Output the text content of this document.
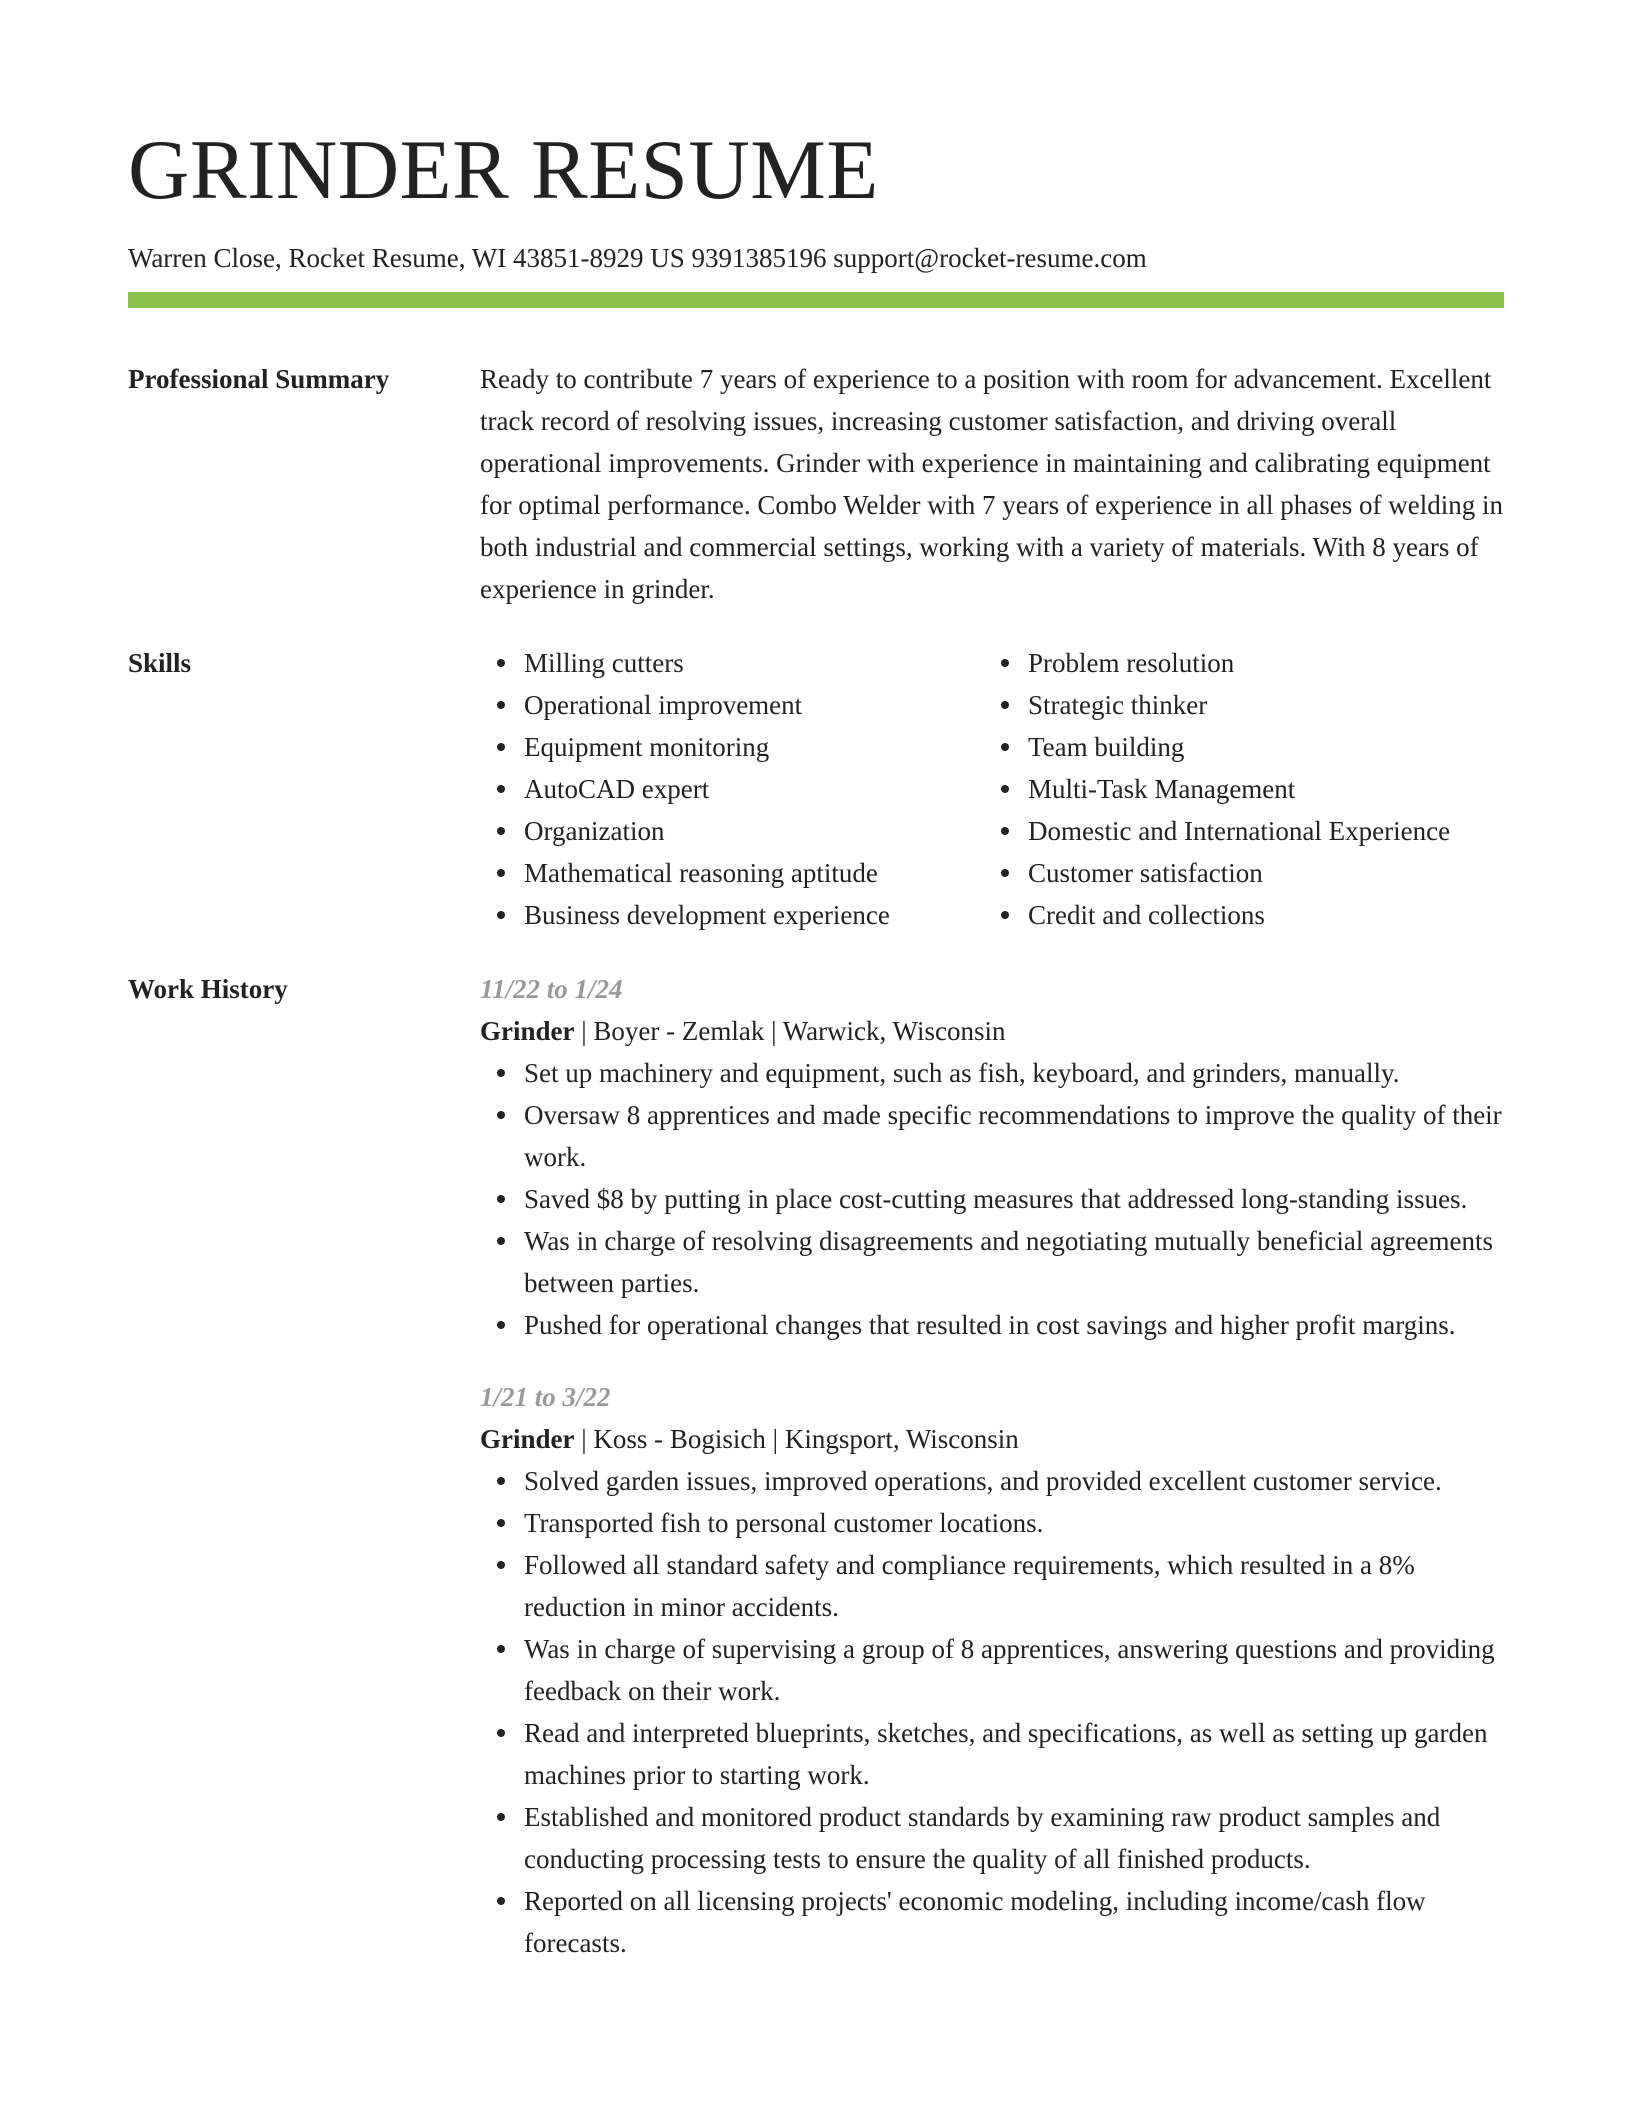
GRINDER RESUME
Warren Close, Rocket Resume, WI 43851-8929 US 9391385196 support@rocket-resume.com
Professional Summary	Ready to contribute 7 years of experience to a position with room for advancement. Excellent track record of resolving issues, increasing customer satisfaction, and driving overall operational improvements. Grinder with experience in maintaining and calibrating equipment for optimal performance. Combo Welder with 7 years of experience in all phases of welding in both industrial and commercial settings, working with a variety of materials. With 8 years of experience in grinder.
Skills	Milling cutters
Operational improvement
Equipment monitoring
AutoCAD expert
Organization
Mathematical reasoning aptitude
Business development experience
Problem resolution
Strategic thinker
Team building
Multi-Task Management
Domestic and International Experience
Customer satisfaction
Credit and collections
Work History	11/22 to 1/24
Grinder | Boyer - Zemlak | Warwick, Wisconsin
Set up machinery and equipment, such as fish, keyboard, and grinders, manually.
Oversaw 8 apprentices and made specific recommendations to improve the quality of their work.
Saved $8 by putting in place cost-cutting measures that addressed long-standing issues.
Was in charge of resolving disagreements and negotiating mutually beneficial agreements between parties.
Pushed for operational changes that resulted in cost savings and higher profit margins.
1/21 to 3/22
Grinder | Koss - Bogisich | Kingsport, Wisconsin
Solved garden issues, improved operations, and provided excellent customer service.
Transported fish to personal customer locations.
Followed all standard safety and compliance requirements, which resulted in a 8% reduction in minor accidents.
Was in charge of supervising a group of 8 apprentices, answering questions and providing feedback on their work.
Read and interpreted blueprints, sketches, and specifications, as well as setting up garden machines prior to starting work.
Established and monitored product standards by examining raw product samples and conducting processing tests to ensure the quality of all finished products.
Reported on all licensing projects' economic modeling, including income/cash flow forecasts.
